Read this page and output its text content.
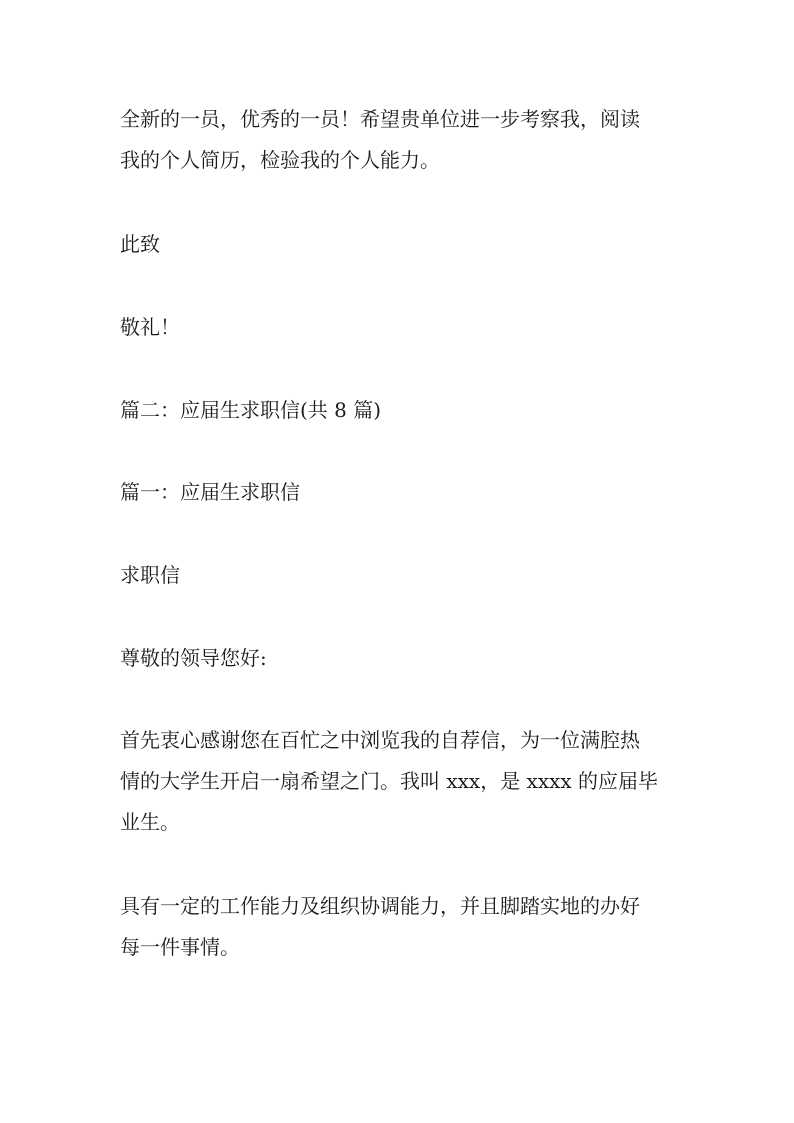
全新的一员，优秀的一员！希望贵单位进一步考察我，阅读
我的个人简历，检验我的个人能力。

此致

敬礼！

篇二：应届生求职信(共 8 篇)

篇一：应届生求职信

求职信

尊敬的领导您好:

首先衷心感谢您在百忙之中浏览我的自荐信，为一位满腔热
情的大学生开启一扇希望之门。我叫 xxx，是 xxxx 的应届毕
业生。

具有一定的工作能力及组织协调能力，并且脚踏实地的办好
每一件事情。
